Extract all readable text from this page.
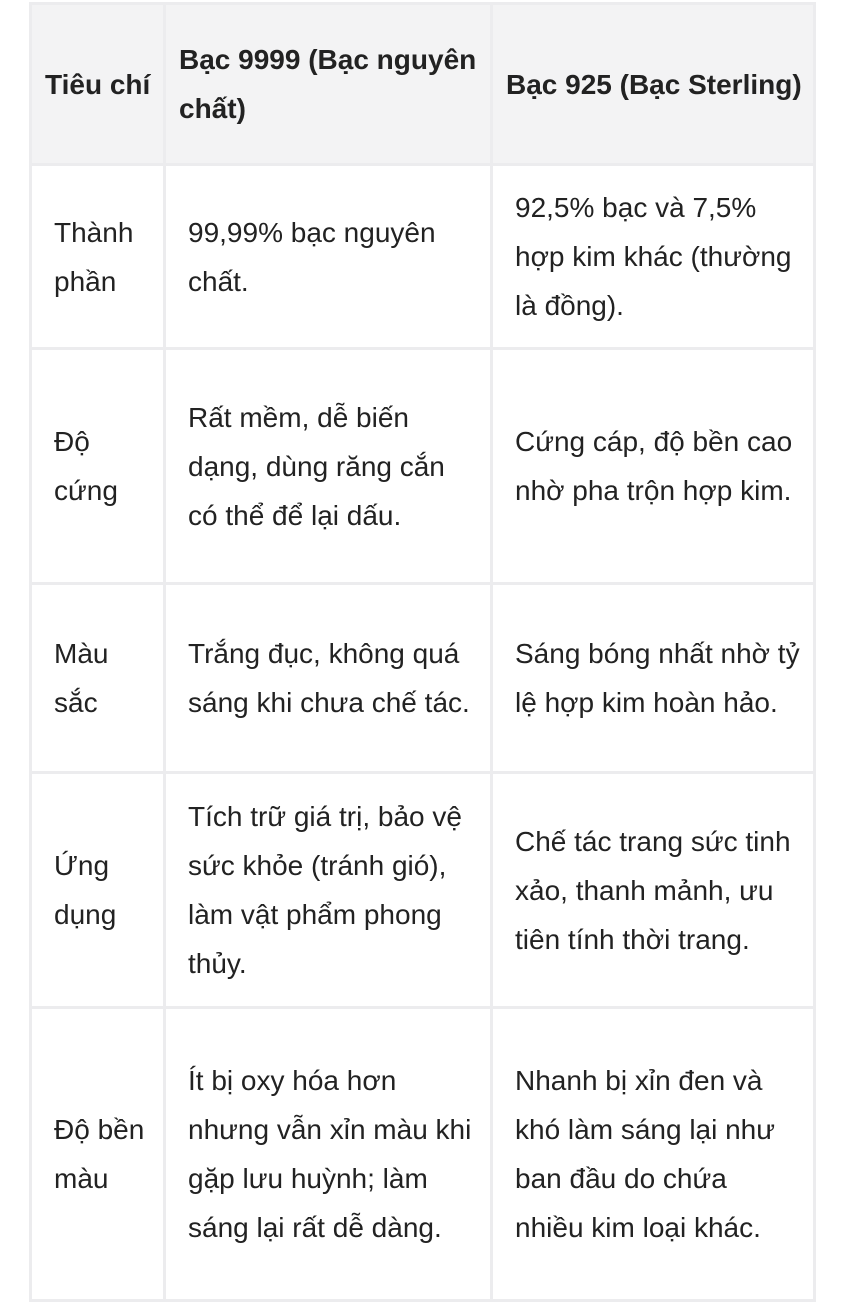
Tiêu chí	Bạc 9999 (Bạc nguyên chất)	Bạc 925 (Bạc Sterling)
Thành phần	99,99% bạc nguyên chất.	92,5% bạc và 7,5% hợp kim khác (thường là đồng).
Độ cứng	Rất mềm, dễ biến dạng, dùng răng cắn có thể để lại dấu.	Cứng cáp, độ bền cao nhờ pha trộn hợp kim.
Màu sắc	Trắng đục, không quá sáng khi chưa chế tác.	Sáng bóng nhất nhờ tỷ lệ hợp kim hoàn hảo.
Ứng dụng	Tích trữ giá trị, bảo vệ sức khỏe (tránh gió), làm vật phẩm phong thủy.	Chế tác trang sức tinh xảo, thanh mảnh, ưu tiên tính thời trang.
Độ bền màu	Ít bị oxy hóa hơn nhưng vẫn xỉn màu khi gặp lưu huỳnh; làm sáng lại rất dễ dàng.	Nhanh bị xỉn đen và khó làm sáng lại như ban đầu do chứa nhiều kim loại khác.
